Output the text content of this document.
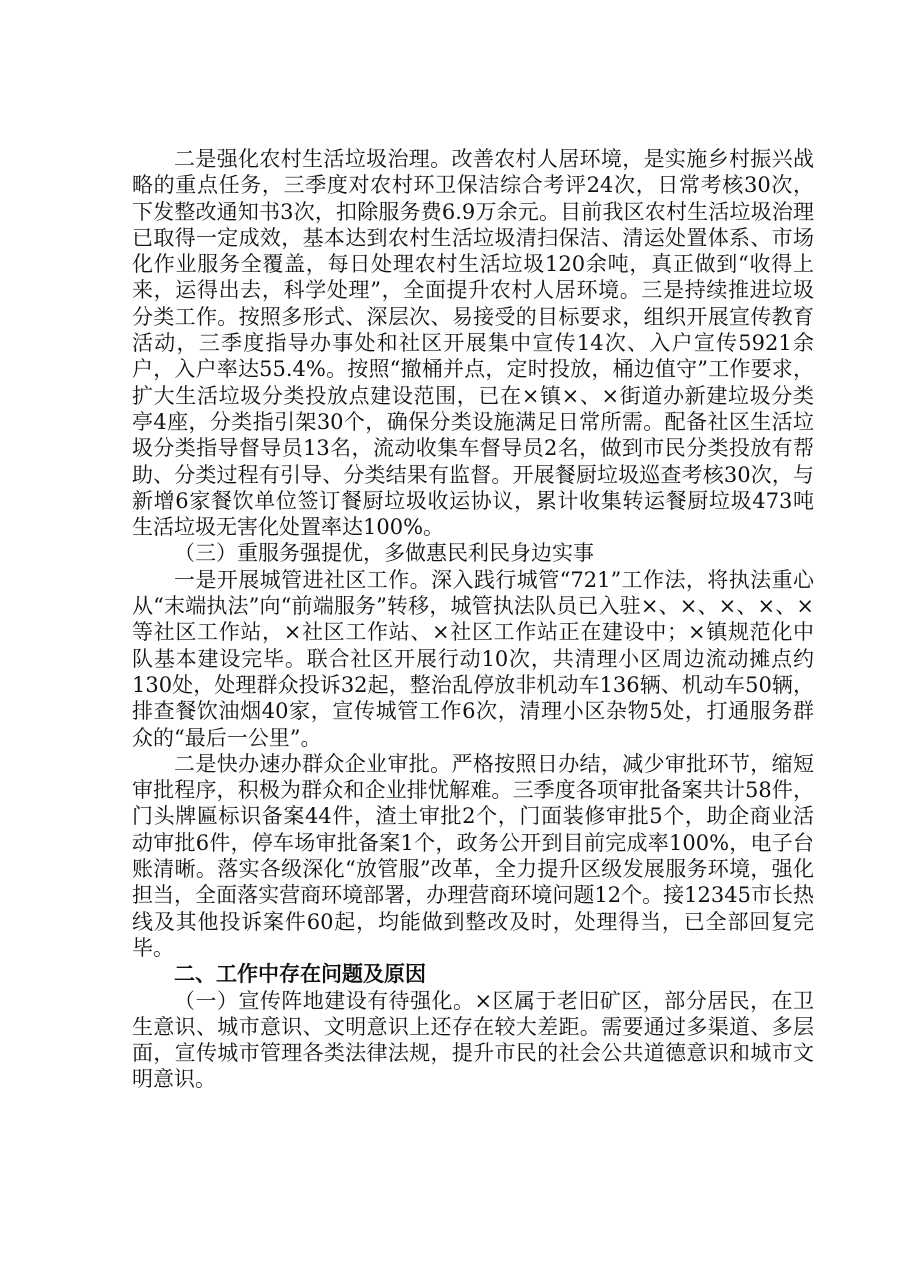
二是强化农村生活垃圾治理。改善农村人居环境，是实施乡村振兴战略的重点任务，三季度对农村环卫保洁综合考评24次，日常考核30次，下发整改通知书3次，扣除服务费6.9万余元。目前我区农村生活垃圾治理已取得一定成效，基本达到农村生活垃圾清扫保洁、清运处置体系、市场化作业服务全覆盖，每日处理农村生活垃圾120余吨，真正做到“收得上来，运得出去，科学处理”，全面提升农村人居环境。三是持续推进垃圾分类工作。按照多形式、深层次、易接受的目标要求，组织开展宣传教育活动，三季度指导办事处和社区开展集中宣传14次、入户宣传5921余户，入户率达55.4%。按照“撤桶并点，定时投放，桶边值守”工作要求，扩大生活垃圾分类投放点建设范围，已在×镇×、×街道办新建垃圾分类亭4座，分类指引架30个，确保分类设施满足日常所需。配备社区生活垃圾分类指导督导员13名，流动收集车督导员2名，做到市民分类投放有帮助、分类过程有引导、分类结果有监督。开展餐厨垃圾巡查考核30次，与新增6家餐饮单位签订餐厨垃圾收运协议，累计收集转运餐厨垃圾473吨生活垃圾无害化处置率达100%。

（三）重服务强提优，多做惠民利民身边实事

一是开展城管进社区工作。深入践行城管“721”工作法，将执法重心从“末端执法”向“前端服务”转移，城管执法队员已入驻×、×、×、×、×等社区工作站，×社区工作站、×社区工作站正在建设中；×镇规范化中队基本建设完毕。联合社区开展行动10次，共清理小区周边流动摊点约130处，处理群众投诉32起，整治乱停放非机动车136辆、机动车50辆，排查餐饮油烟40家，宣传城管工作6次，清理小区杂物5处，打通服务群众的“最后一公里”。

二是快办速办群众企业审批。严格按照日办结，减少审批环节，缩短审批程序，积极为群众和企业排忧解难。三季度各项审批备案共计58件，门头牌匾标识备案44件，渣土审批2个，门面装修审批5个，助企商业活动审批6件，停车场审批备案1个，政务公开到目前完成率100%，电子台账清晰。落实各级深化“放管服”改革，全力提升区级发展服务环境，强化担当，全面落实营商环境部署，办理营商环境问题12个。接12345市长热线及其他投诉案件60起，均能做到整改及时，处理得当，已全部回复完毕。

二、工作中存在问题及原因

（一）宣传阵地建设有待强化。×区属于老旧矿区，部分居民，在卫生意识、城市意识、文明意识上还存在较大差距。需要通过多渠道、多层面，宣传城市管理各类法律法规，提升市民的社会公共道德意识和城市文明意识。
